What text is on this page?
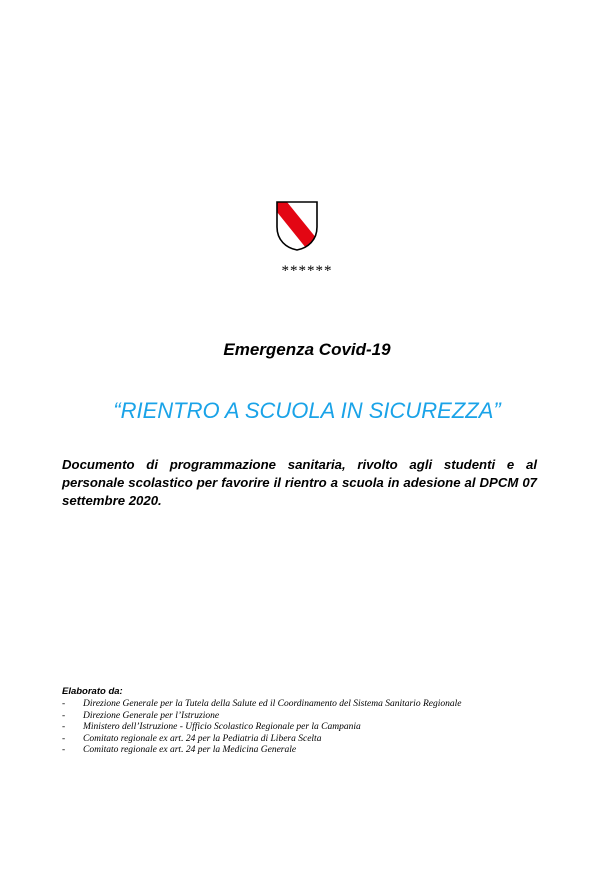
******
Emergenza Covid-19
“RIENTRO A SCUOLA IN SICUREZZA”
Documento di programmazione sanitaria, rivolto agli studenti e al personale scolastico per favorire il rientro a scuola in adesione al DPCM 07 settembre 2020.
Elaborato da:
- Direzione Generale per la Tutela della Salute ed il Coordinamento del Sistema Sanitario Regionale
- Direzione Generale per l’Istruzione
- Ministero dell’Istruzione - Ufficio Scolastico Regionale per la Campania
- Comitato regionale ex art. 24 per la Pediatria di Libera Scelta
- Comitato regionale ex art. 24 per la Medicina Generale
